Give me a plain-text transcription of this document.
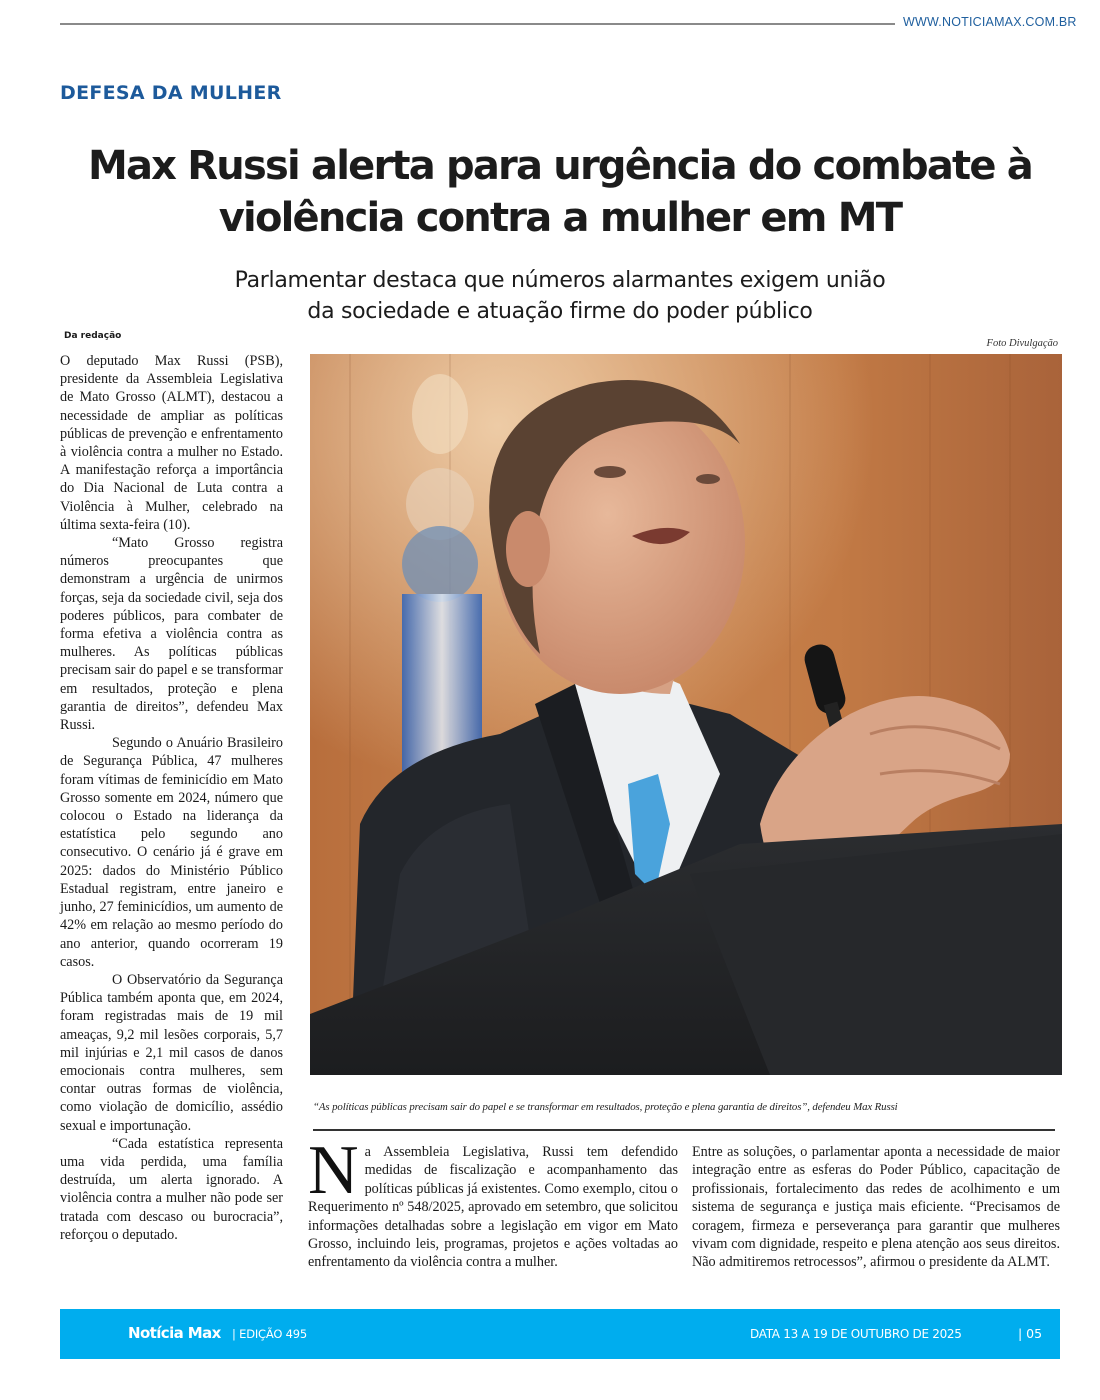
WWW.NOTICIAMAX.COM.BR
DEFESA DA MULHER
Max Russi alerta para urgência do combate à
violência contra a mulher em MT
Parlamentar destaca que números alarmantes exigem união
da sociedade e atuação firme do poder público
Da redação
Foto Divulgação

O deputado Max Russi (PSB), presidente da Assembleia Legislativa de Mato Grosso (ALMT), destacou a necessidade de ampliar as políticas públicas de prevenção e enfrentamento à violência contra a mulher no Estado. A manifestação reforça a importância do Dia Nacional de Luta contra a Violência à Mulher, celebrado na última sexta-feira (10).

“Mato Grosso registra números preocupantes que demonstram a urgência de unirmos forças, seja da sociedade civil, seja dos poderes públicos, para combater de forma efetiva a violência contra as mulheres. As políticas públicas precisam sair do papel e se transformar em resultados, proteção e plena garantia de direitos”, defendeu Max Russi.

Segundo o Anuário Brasileiro de Segurança Pública, 47 mulheres foram vítimas de feminicídio em Mato Grosso somente em 2024, número que colocou o Estado na liderança da estatística pelo segundo ano consecutivo. O cenário já é grave em 2025: dados do Ministério Público Estadual registram, entre janeiro e junho, 27 feminicídios, um aumento de 42% em relação ao mesmo período do ano anterior, quando ocorreram 19 casos.

O Observatório da Segurança Pública também aponta que, em 2024, foram registradas mais de 19 mil ameaças, 9,2 mil lesões corporais, 5,7 mil injúrias e 2,1 mil casos de danos emocionais contra mulheres, sem contar outras formas de violência, como violação de domicílio, assédio sexual e importunação.

“Cada estatística representa uma vida perdida, uma família destruída, um alerta ignorado. A violência contra a mulher não pode ser tratada com descaso ou burocracia”, reforçou o deputado.

“As políticas públicas precisam sair do papel e se transformar em resultados, proteção e plena garantia de direitos”, defendeu Max Russi

Na Assembleia Legislativa, Russi tem defendido medidas de fiscalização e acompanhamento das políticas públicas já existentes. Como exemplo, citou o Requerimento nº 548/2025, aprovado em setembro, que solicitou informações detalhadas sobre a legislação em vigor em Mato Grosso, incluindo leis, programas, projetos e ações voltadas ao enfrentamento da violência contra a mulher.

Entre as soluções, o parlamentar aponta a necessidade de maior integração entre as esferas do Poder Público, capacitação de profissionais, fortalecimento das redes de acolhimento e um sistema de segurança e justiça mais eficiente. “Precisamos de coragem, firmeza e perseverança para garantir que mulheres vivam com dignidade, respeito e plena atenção aos seus direitos. Não admitiremos retrocessos”, afirmou o presidente da ALMT.

Notícia Max | EDIÇÃO 495	DATA 13 A 19 DE OUTUBRO DE 2025	| 05
